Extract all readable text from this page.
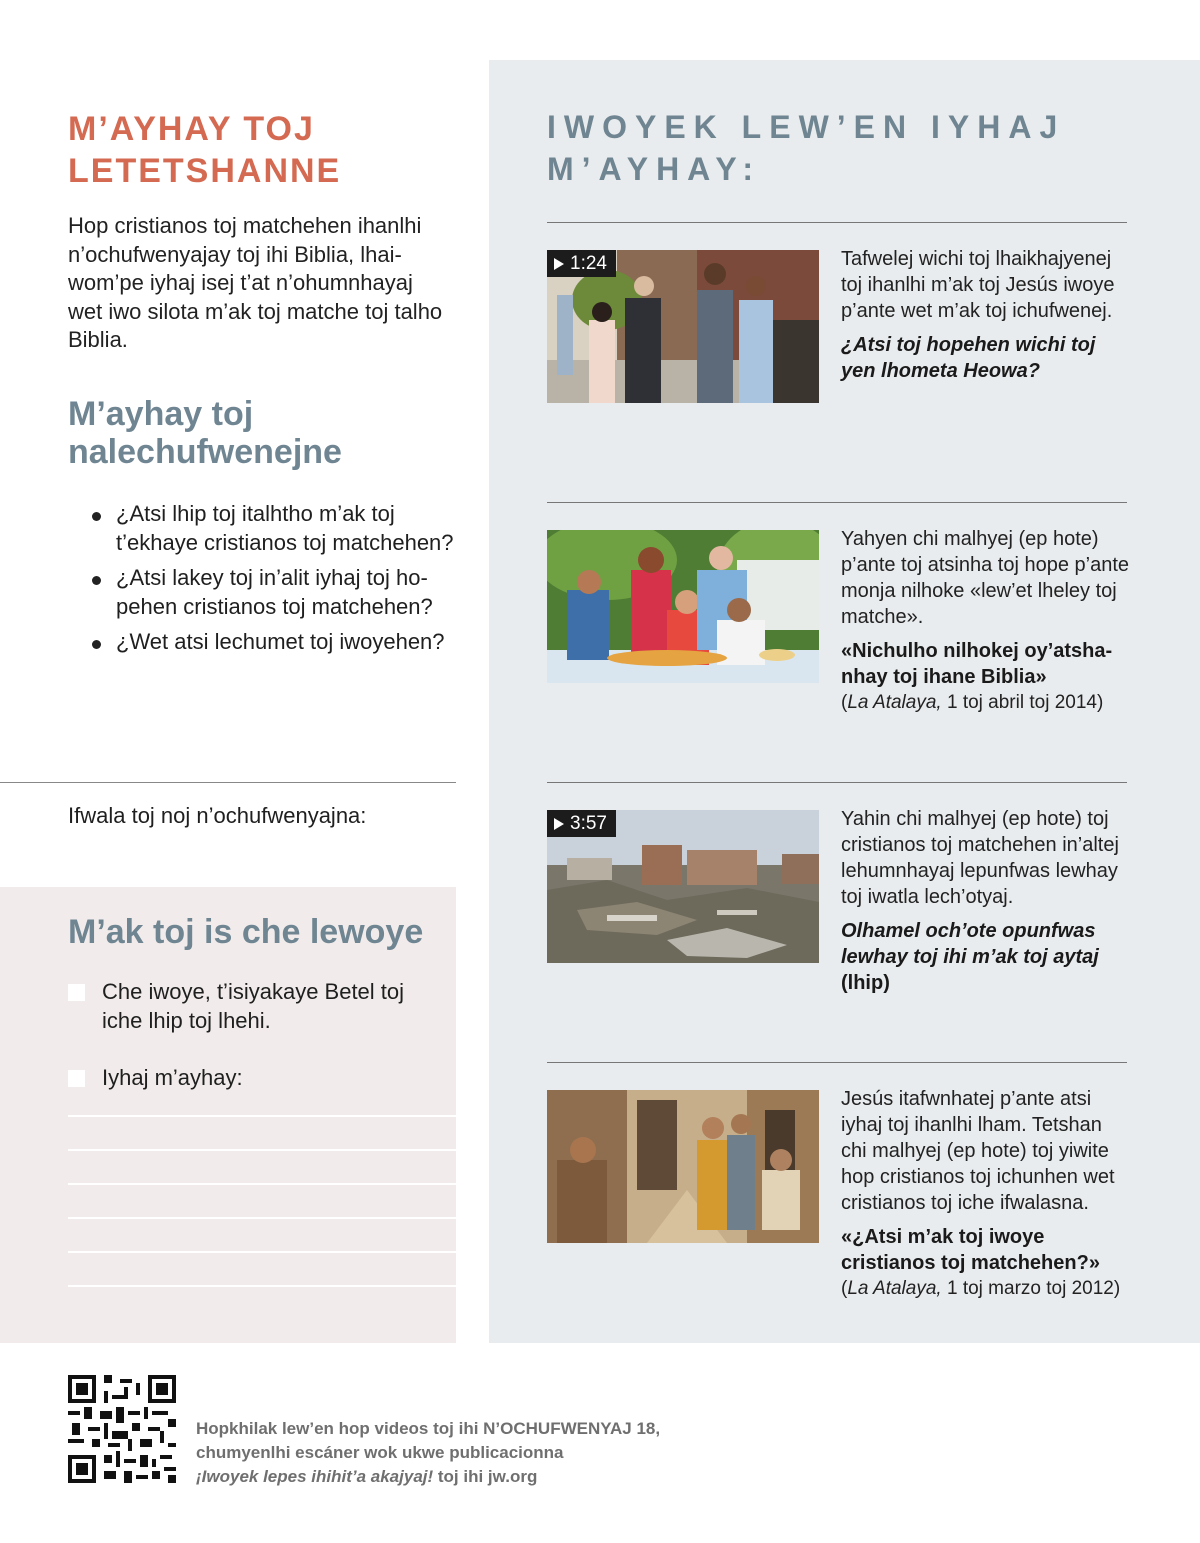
M’AYHAY TOJ LETETSHANNE

Hop cristianos toj matchehen ihanlhi n’ochufwenyajay toj ihi Biblia, lhaiwom’pe iyhaj isej t’at n’ohumnhayaj wet iwo silota m’ak toj matche toj talho Biblia.

M’ayhay toj nalechufwenejne
¿Atsi lhip toj italhtho m’ak toj t’ekhaye cristianos toj matchehen?
¿Atsi lakey toj in’alit iyhaj toj hopehen cristianos toj matchehen?
¿Wet atsi lechumet toj iwoyehen?
Ifwala toj noj n’ochufwenyajna:
M’ak toj is che lewoye
Che iwoye, t’isiyakaye Betel toj iche lhip toj lhehi.
Iyhaj m’ayhay:
IWOYEK LEW’EN IYHAJ M’AYHAY:
1:24	Tafwelej wichi toj lhaikhajyenej toj ihanlhi m’ak toj Jesús iwoye p’ante wet m’ak toj ichufwenej.

¿Atsi toj hopehen wichi toj yen lhometa Heowa?

Yahyen chi malhyej (ep hote) p’ante toj atsinha toj hope p’ante monja nilhoke «lew’et lheley toj matche».

«Nichulho nilhokej oy’atshanhay toj ihane Biblia»

(La Atalaya, 1 toj abril toj 2014)

3:57	Yahin chi malhyej (ep hote) toj cristianos toj matchehen in’altej lehumnhayaj lepunfwas lewhay toj iwatla lech’otyaj.

Olhamel och’ote opunfwas lewhay toj ihi m’ak toj aytaj

(lhip)

Jesús itafwnhatej p’ante atsi iyhaj toj ihanlhi lham. Tetshan chi malhyej (ep hote) toj yiwite hop cristianos toj ichunhen wet cristianos toj iche ifwalasna.

«¿Atsi m’ak toj iwoye cristianos toj matchehen?»

(La Atalaya, 1 toj marzo toj 2012)

Hopkhilak lew’en hop videos toj ihi N’OCHUFWENYAJ 18,
chumyenlhi escáner wok ukwe publicacionna
¡Iwoyek lepes ihihit’a akajyaj! toj ihi jw.org
